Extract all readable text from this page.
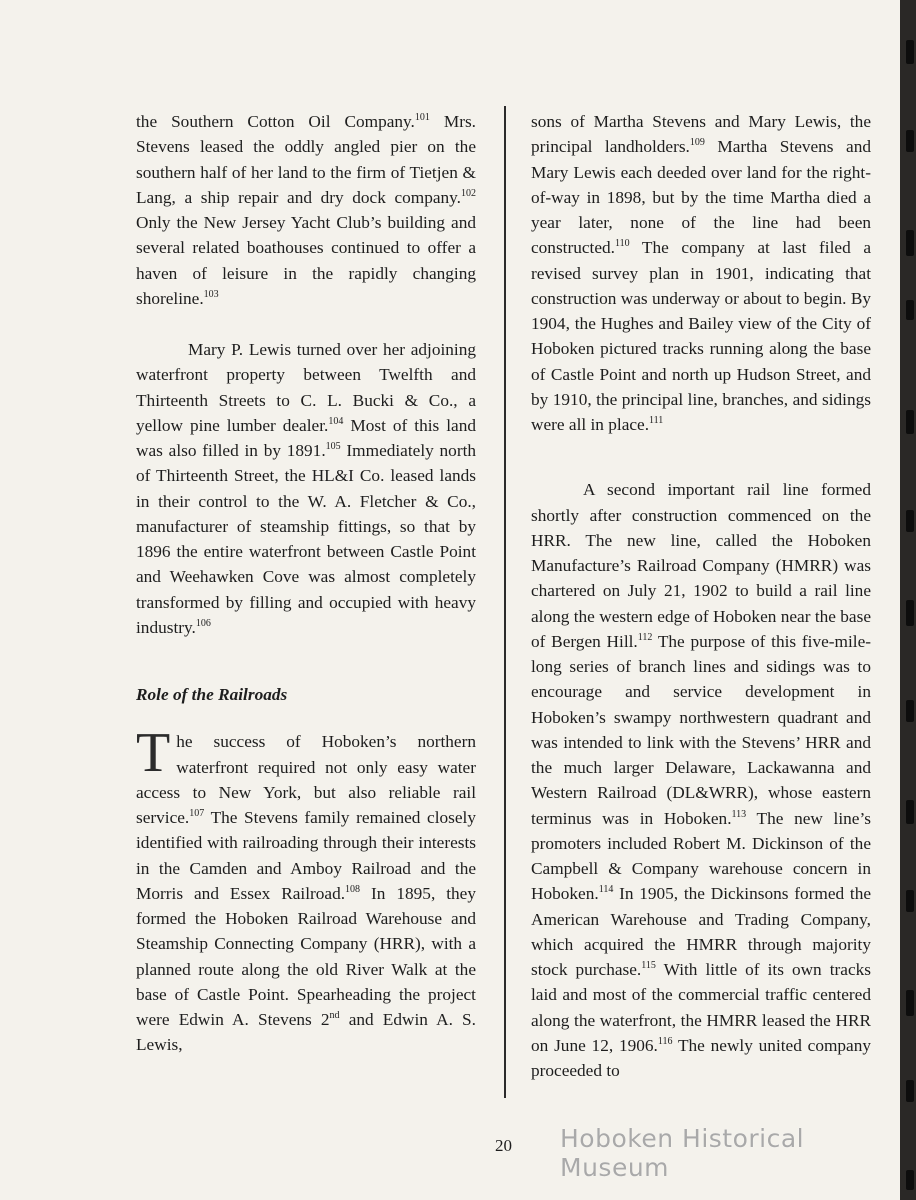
the Southern Cotton Oil Company.$^{101}$ Mrs. Stevens leased the oddly angled pier on the southern half of her land to the firm of Tietjen & Lang, a ship repair and dry dock company.$^{102}$ Only the New Jersey Yacht Club’s building and several related boathouses continued to offer a haven of leisure in the rapidly changing shoreline.$^{103}$

Mary P. Lewis turned over her adjoining waterfront property between Twelfth and Thirteenth Streets to C. L. Bucki & Co., a yellow pine lumber dealer.$^{104}$ Most of this land was also filled in by 1891.$^{105}$ Immediately north of Thirteenth Street, the HL&I Co. leased lands in their control to the W. A. Fletcher & Co., manufacturer of steamship fittings, so that by 1896 the entire waterfront between Castle Point and Weehawken Cove was almost completely transformed by filling and occupied with heavy industry.$^{106}$

Role of the Railroads

The success of Hoboken’s northern waterfront required not only easy water access to New York, but also reliable rail service.$^{107}$ The Stevens family remained closely identified with railroading through their interests in the Camden and Amboy Railroad and the Morris and Essex Railroad.$^{108}$ In 1895, they formed the Hoboken Railroad Warehouse and Steamship Connecting Company (HRR), with a planned route along the old River Walk at the base of Castle Point. Spearheading the project were Edwin A. Stevens 2nd and Edwin A. S. Lewis,

sons of Martha Stevens and Mary Lewis, the principal landholders.$^{109}$ Martha Stevens and Mary Lewis each deeded over land for the right-of-way in 1898, but by the time Martha died a year later, none of the line had been constructed.$^{110}$ The company at last filed a revised survey plan in 1901, indicating that construction was underway or about to begin. By 1904, the Hughes and Bailey view of the City of Hoboken pictured tracks running along the base of Castle Point and north up Hudson Street, and by 1910, the principal line, branches, and sidings were all in place.$^{111}$

A second important rail line formed shortly after construction commenced on the HRR. The new line, called the Hoboken Manufacture’s Railroad Company (HMRR) was chartered on July 21, 1902 to build a rail line along the western edge of Hoboken near the base of Bergen Hill.$^{112}$ The purpose of this five-mile-long series of branch lines and sidings was to encourage and service development in Hoboken’s swampy northwestern quadrant and was intended to link with the Stevens’ HRR and the much larger Delaware, Lackawanna and Western Railroad (DL&WRR), whose eastern terminus was in Hoboken.$^{113}$ The new line’s promoters included Robert M. Dickinson of the Campbell & Company warehouse concern in Hoboken.$^{114}$ In 1905, the Dickinsons formed the American Warehouse and Trading Company, which acquired the HMRR through majority stock purchase.$^{115}$ With little of its own tracks laid and most of the commercial traffic centered along the waterfront, the HMRR leased the HRR on June 12, 1906.$^{116}$ The newly united company proceeded to

20 Hoboken Historical Museum
